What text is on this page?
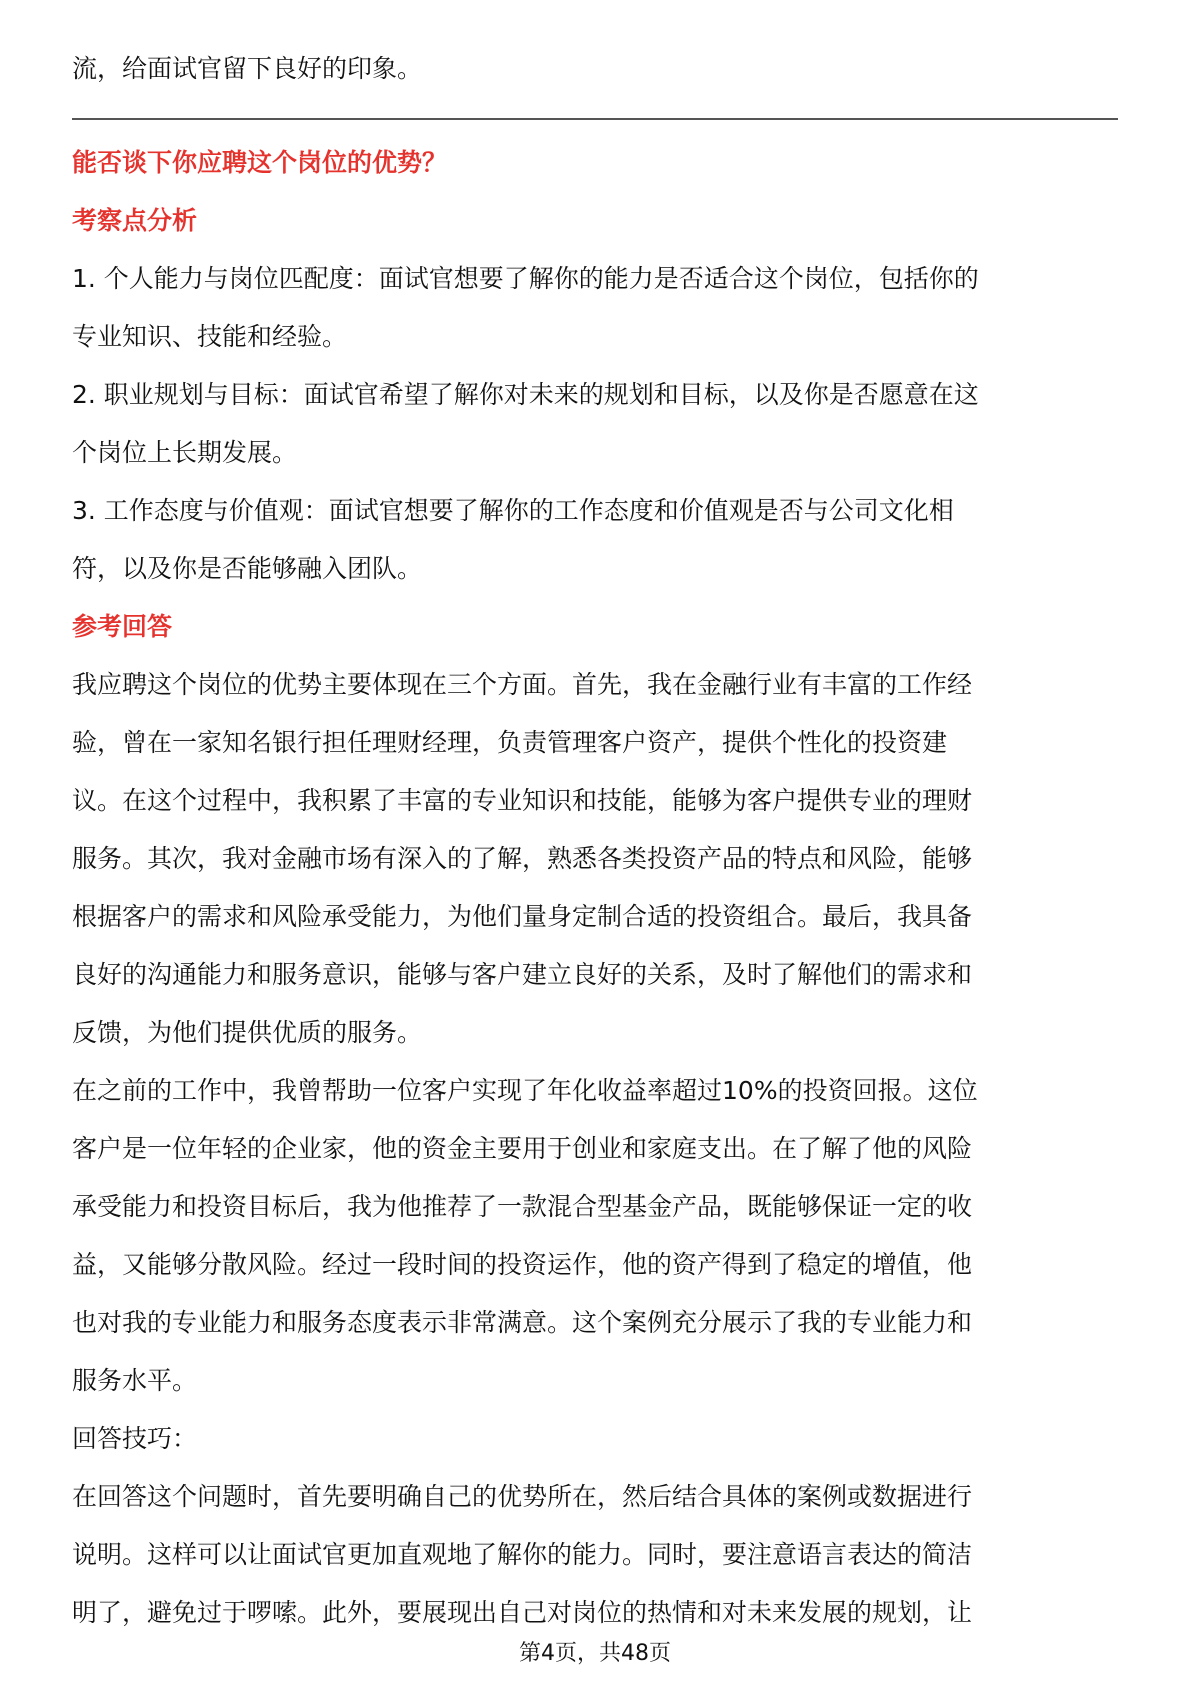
流，给面试官留下良好的印象。
能否谈下你应聘这个岗位的优势？
考察点分析
1. 个人能力与岗位匹配度：面试官想要了解你的能力是否适合这个岗位，包括你的
专业知识、技能和经验。
2. 职业规划与目标：面试官希望了解你对未来的规划和目标，以及你是否愿意在这
个岗位上长期发展。
3. 工作态度与价值观：面试官想要了解你的工作态度和价值观是否与公司文化相
符，以及你是否能够融入团队。
参考回答
我应聘这个岗位的优势主要体现在三个方面。首先，我在金融行业有丰富的工作经
验，曾在一家知名银行担任理财经理，负责管理客户资产，提供个性化的投资建
议。在这个过程中，我积累了丰富的专业知识和技能，能够为客户提供专业的理财
服务。其次，我对金融市场有深入的了解，熟悉各类投资产品的特点和风险，能够
根据客户的需求和风险承受能力，为他们量身定制合适的投资组合。最后，我具备
良好的沟通能力和服务意识，能够与客户建立良好的关系，及时了解他们的需求和
反馈，为他们提供优质的服务。
在之前的工作中，我曾帮助一位客户实现了年化收益率超过10%的投资回报。这位
客户是一位年轻的企业家，他的资金主要用于创业和家庭支出。在了解了他的风险
承受能力和投资目标后，我为他推荐了一款混合型基金产品，既能够保证一定的收
益，又能够分散风险。经过一段时间的投资运作，他的资产得到了稳定的增值，他
也对我的专业能力和服务态度表示非常满意。这个案例充分展示了我的专业能力和
服务水平。
回答技巧：
在回答这个问题时，首先要明确自己的优势所在，然后结合具体的案例或数据进行
说明。这样可以让面试官更加直观地了解你的能力。同时，要注意语言表达的简洁
明了，避免过于啰嗦。此外，要展现出自己对岗位的热情和对未来发展的规划，让
第4页，共48页
